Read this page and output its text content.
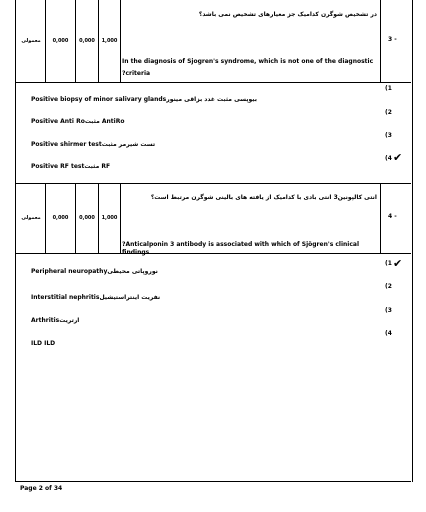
معمولی	0,000	0,000	1,000
در تشخیص شوگرن کدامیک جز معیارهای تشخیص نمی باشد؟
In the diagnosis of Sjogren's syndrome, which is not one of the diagnostic
?criteria
3 -
(1
Positive biopsy of minor salivary glandsبیوپسی مثبت غدد بزاقی مینور
(2
Positive Anti Roمثبت AntiRo
(3
Positive shirmer testتست شیرمر مثبت
(4 ✔
Positive RF testمثبت RF
معمولی	0,000	0,000	1,000
انتی کالپونین3 انتی بادی با کدامیک از یافته های بالینی شوگرن مرتبط است؟
?Anticalponin 3 antibody is associated with which of Sjögren's clinical findings
4 -
(1 ✔
Peripheral neuropathyنوروپاتی محیطی
(2
Interstitial nephritisنفریت اینتراستیشیل
(3
Arthritisارتریت
(4
ILD ILD
Page 2 of 34
